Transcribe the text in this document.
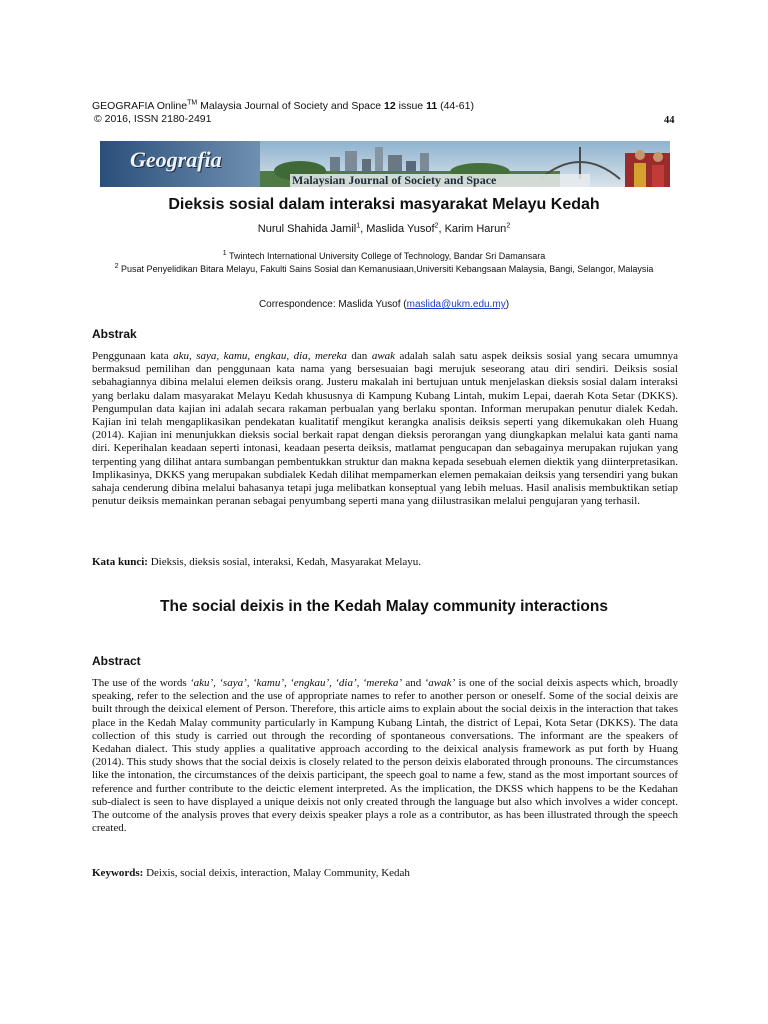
GEOGRAFIA Online™ Malaysia Journal of Society and Space 12 issue 11 (44-61)
© 2016, ISSN 2180-2491	44
Geografia
Malaysian Journal of Society and Space
Dieksis sosial dalam interaksi masyarakat Melayu Kedah
Nurul Shahida Jamil$^1$, Maslida Yusof$^2$, Karim Harun$^2$
$^1$ Twintech International University College of Technology, Bandar Sri Damansara
$^2$ Pusat Penyelidikan Bitara Melayu, Fakulti Sains Sosial dan Kemanusiaan,Universiti Kebangsaan Malaysia, Bangi, Selangor, Malaysia
Correspondence: Maslida Yusof (maslida@ukm.edu.my)
Abstrak
Penggunaan kata aku, saya, kamu, engkau, dia, mereka dan awak adalah salah satu aspek deiksis sosial yang secara umumnya bermaksud pemilihan dan penggunaan kata nama yang bersesuaian bagi merujuk seseorang atau diri sendiri. Deiksis sosial sebahagiannya dibina melalui elemen deiksis orang. Justeru makalah ini bertujuan untuk menjelaskan dieksis sosial dalam interaksi yang berlaku dalam masyarakat Melayu Kedah khususnya di Kampung Kubang Lintah, mukim Lepai, daerah Kota Setar (DKKS). Pengumpulan data kajian ini adalah secara rakaman perbualan yang berlaku spontan. Informan merupakan penutur dialek Kedah. Kajian ini telah mengaplikasikan pendekatan kualitatif mengikut kerangka analisis deiksis seperti yang dikemukakan oleh Huang (2014). Kajian ini menunjukkan dieksis social berkait rapat dengan dieksis perorangan yang diungkapkan melalui kata ganti nama diri. Keperihalan keadaan seperti intonasi, keadaan peserta deiksis, matlamat pengucapan dan sebagainya merupakan rujukan yang terpenting yang dilihat antara sumbangan pembentukkan struktur dan makna kepada sesebuah elemen diektik yang diinterpretasikan. Implikasinya, DKKS yang merupakan subdialek Kedah dilihat mempamerkan elemen pemakaian deiksis yang tersendiri yang bukan sahaja cenderung dibina melalui bahasanya tetapi juga melibatkan konseptual yang lebih meluas. Hasil analisis membuktikan setiap penutur deiksis memainkan peranan sebagai penyumbang seperti mana yang diilustrasikan melalui pengujaran yang terhasil.
Kata kunci: Dieksis, dieksis sosial, interaksi, Kedah, Masyarakat Melayu.
The social deixis in the Kedah Malay community interactions
Abstract
The use of the words ‘aku’, ‘saya’, ‘kamu’, ‘engkau’, ‘dia’, ‘mereka’ and ‘awak’ is one of the social deixis aspects which, broadly speaking, refer to the selection and the use of appropriate names to refer to another person or oneself. Some of the social deixis are built through the deixical element of Person. Therefore, this article aims to explain about the social deixis in the interaction that takes place in the Kedah Malay community particularly in Kampung Kubang Lintah, the district of Lepai, Kota Setar (DKKS). The data collection of this study is carried out through the recording of spontaneous conversations. The informant are the speakers of Kedahan dialect. This study applies a qualitative approach according to the deixical analysis framework as put forth by Huang (2014). This study shows that the social deixis is closely related to the person deixis elaborated through pronouns. The circumstances like the intonation, the circumstances of the deixis participant, the speech goal to name a few, stand as the most important sources of reference and further contribute to the deictic element interpreted. As the implication, the DKSS which happens to be the Kedahan sub-dialect is seen to have displayed a unique deixis not only created through the language but also which involves a wider concept. The outcome of the analysis proves that every deixis speaker plays a role as a contributor, as has been illustrated through the speech created.
Keywords: Deixis, social deixis, interaction, Malay Community, Kedah
